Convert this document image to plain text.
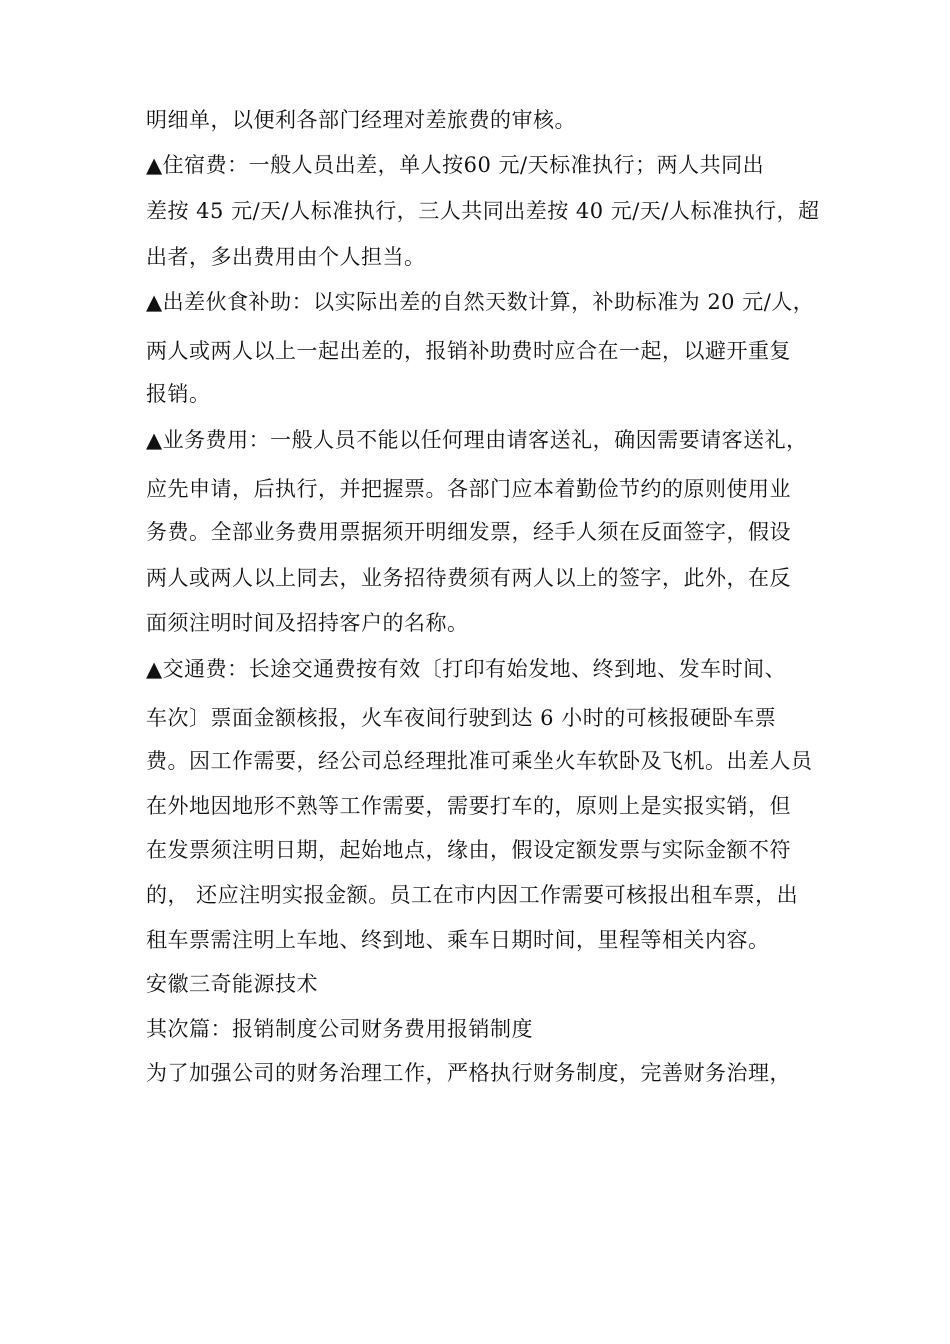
明细单，以便利各部门经理对差旅费的审核。
▲住宿费：一般人员出差，单人按60 元/天标准执行；两人共同出
差按 45 元/天/人标准执行，三人共同出差按 40 元/天/人标准执行，超
出者，多出费用由个人担当。
▲出差伙食补助：以实际出差的自然天数计算，补助标准为 20 元/人，
两人或两人以上一起出差的，报销补助费时应合在一起，以避开重复
报销。
▲业务费用：一般人员不能以任何理由请客送礼，确因需要请客送礼，
应先申请，后执行，并把握票。各部门应本着勤俭节约的原则使用业
务费。全部业务费用票据须开明细发票，经手人须在反面签字，假设
两人或两人以上同去，业务招待费须有两人以上的签字，此外，在反
面须注明时间及招持客户的名称。
▲交通费：长途交通费按有效〔打印有始发地、终到地、发车时间、
车次〕票面金额核报，火车夜间行驶到达 6 小时的可核报硬卧车票
费。因工作需要，经公司总经理批准可乘坐火车软卧及飞机。出差人员
在外地因地形不熟等工作需要，需要打车的，原则上是实报实销，但
在发票须注明日期，起始地点，缘由，假设定额发票与实际金额不符
的， 还应注明实报金额。员工在市内因工作需要可核报出租车票，出
租车票需注明上车地、终到地、乘车日期时间，里程等相关内容。
安徽三奇能源技术
其次篇：报销制度公司财务费用报销制度
为了加强公司的财务治理工作，严格执行财务制度，完善财务治理，
